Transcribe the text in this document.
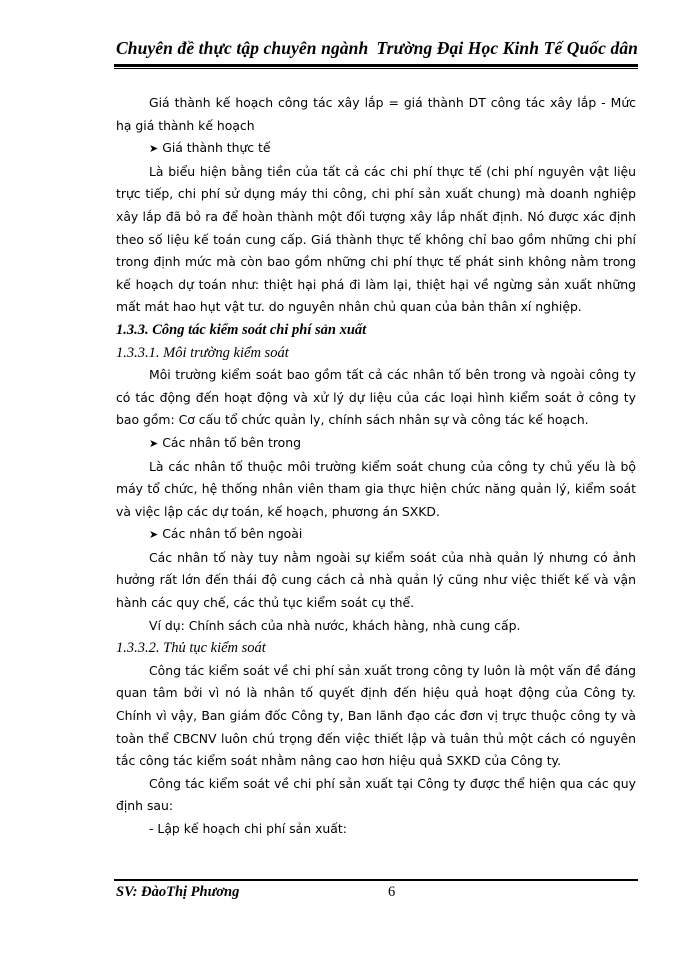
Chuyên đề thực tập chuyên ngành Trường Đại Học Kinh Tế Quốc dân

Giá thành kế hoạch công tác xây lắp = giá thành DT công tác xây lắp - Mức hạ giá thành kế hoạch

➤ Giá thành thực tế

Là biểu hiện bằng tiền của tất cả các chi phí thực tế (chi phí nguyên vật liệu trực tiếp, chi phí sử dụng máy thi công, chi phí sản xuất chung) mà doanh nghiệp xây lắp đã bỏ ra để hoàn thành một đối tượng xây lắp nhất định. Nó được xác định theo số liệu kế toán cung cấp. Giá thành thực tế không chỉ bao gồm những chi phí trong định mức mà còn bao gồm những chi phí thực tế phát sinh không nằm trong kế hoạch dự toán như: thiệt hại phá đi làm lại, thiệt hại về ngừng sản xuất những mất mát hao hụt vật tư. do nguyên nhân chủ quan của bản thân xí nghiệp.

1.3.3. Công tác kiểm soát chi phí sản xuất
1.3.3.1. Môi trường kiểm soát

Môi trường kiểm soát bao gồm tất cả các nhân tố bên trong và ngoài công ty có tác động đến hoạt động và xử lý dự liệu của các loại hình kiểm soát ở công ty bao gồm: Cơ cấu tổ chức quản ly, chính sách nhân sự và công tác kế hoạch.

➤ Các nhân tố bên trong

Là các nhân tố thuộc môi trường kiểm soát chung của công ty chủ yếu là bộ máy tổ chức, hệ thống nhân viên tham gia thực hiện chức năng quản lý, kiểm soát và việc lập các dự toán, kế hoạch, phương án SXKD.

➤ Các nhân tố bên ngoài

Các nhân tố này tuy nằm ngoài sự kiểm soát của nhà quản lý nhưng có ảnh hưởng rất lớn đến thái độ cung cách cả nhà quản lý cũng như việc thiết kế và vận hành các quy chế, các thủ tục kiểm soát cụ thể.

Ví dụ: Chính sách của nhà nước, khách hàng, nhà cung cấp.

1.3.3.2. Thủ tục kiểm soát

Công tác kiểm soát về chi phí sản xuất trong công ty luôn là một vấn đề đáng quan tâm bởi vì nó là nhân tố quyết định đến hiệu quả hoạt động của Công ty. Chính vì vậy, Ban giám đốc Công ty, Ban lãnh đạo các đơn vị trực thuộc công ty và toàn thể CBCNV luôn chú trọng đến việc thiết lập và tuân thủ một cách có nguyên tắc công tác kiểm soát nhằm nâng cao hơn hiệu quả SXKD của Công ty.

Công tác kiểm soát về chi phí sản xuất tại Công ty được thể hiện qua các quy định sau:

- Lập kế hoạch chi phí sản xuất:

SV: ĐàoThị Phương	6
